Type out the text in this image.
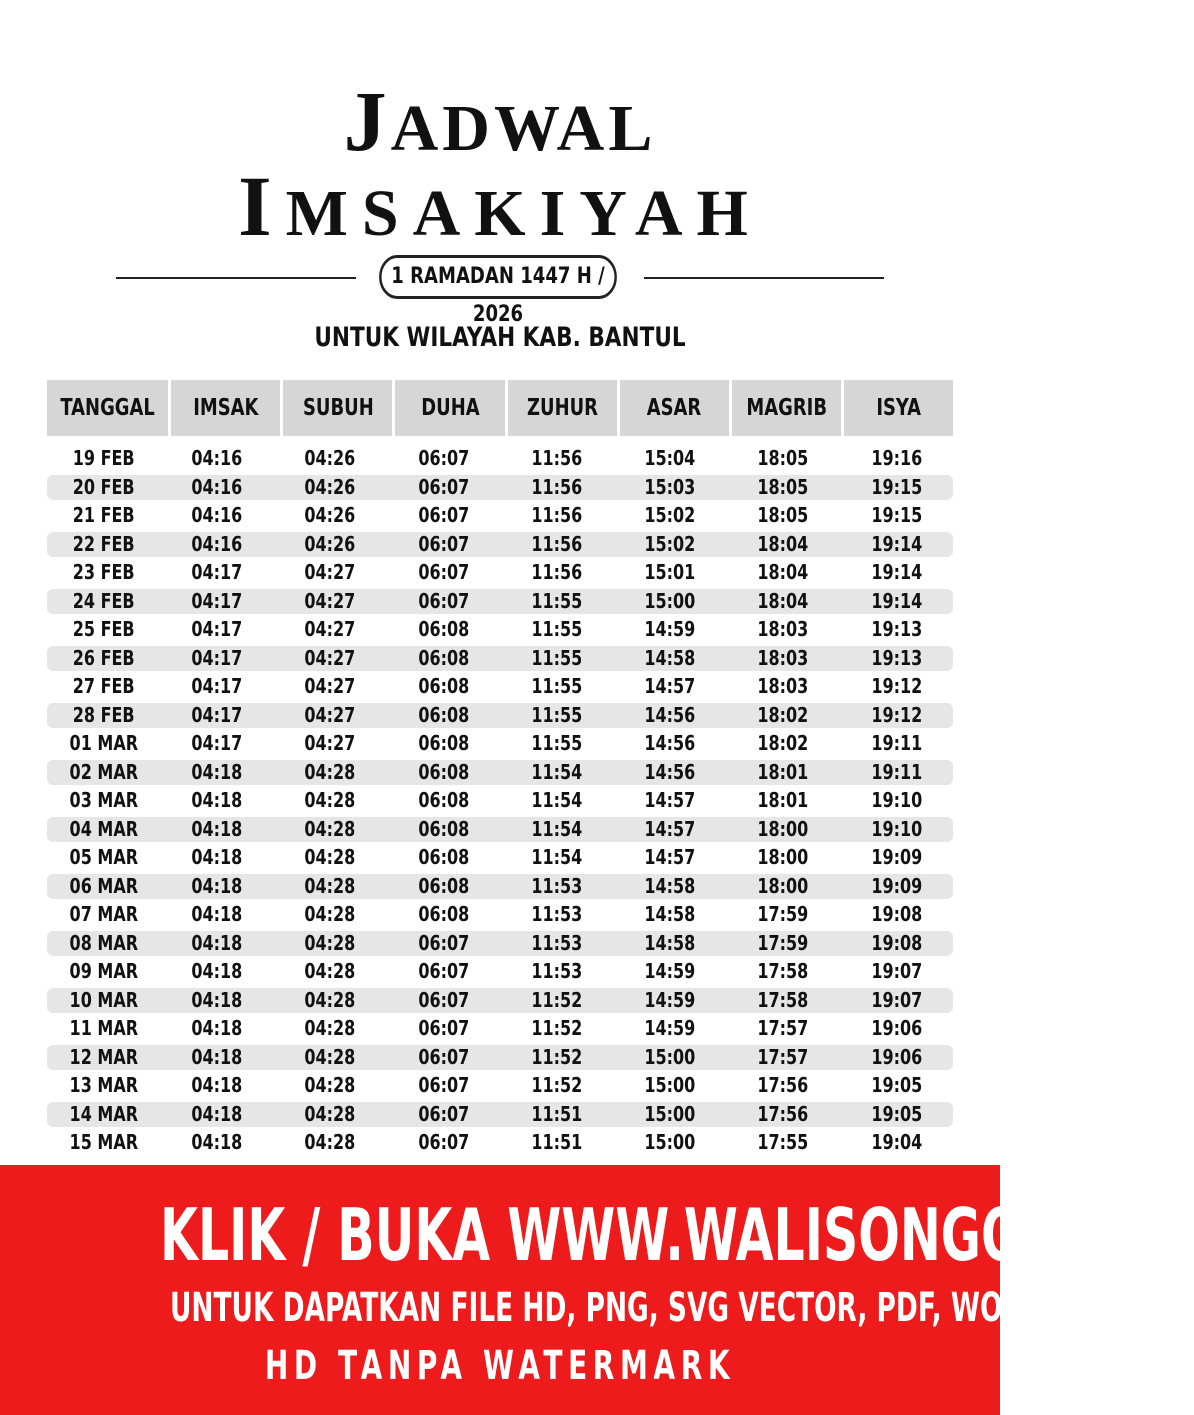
JADWAL
IMSAKIYAH
1 RAMADAN 1447 H / 2026
UNTUK WILAYAH KAB. BANTUL
TANGGAL IMSAK SUBUH DUHA ZUHUR ASAR MAGRIB ISYA
19 FEB	04:16	04:26	06:07	11:56	15:04	18:05	19:16
20 FEB	04:16	04:26	06:07	11:56	15:03	18:05	19:15
21 FEB	04:16	04:26	06:07	11:56	15:02	18:05	19:15
22 FEB	04:16	04:26	06:07	11:56	15:02	18:04	19:14
23 FEB	04:17	04:27	06:07	11:56	15:01	18:04	19:14
24 FEB	04:17	04:27	06:07	11:55	15:00	18:04	19:14
25 FEB	04:17	04:27	06:08	11:55	14:59	18:03	19:13
26 FEB	04:17	04:27	06:08	11:55	14:58	18:03	19:13
27 FEB	04:17	04:27	06:08	11:55	14:57	18:03	19:12
28 FEB	04:17	04:27	06:08	11:55	14:56	18:02	19:12
01 MAR	04:17	04:27	06:08	11:55	14:56	18:02	19:11
02 MAR	04:18	04:28	06:08	11:54	14:56	18:01	19:11
03 MAR	04:18	04:28	06:08	11:54	14:57	18:01	19:10
04 MAR	04:18	04:28	06:08	11:54	14:57	18:00	19:10
05 MAR	04:18	04:28	06:08	11:54	14:57	18:00	19:09
06 MAR	04:18	04:28	06:08	11:53	14:58	18:00	19:09
07 MAR	04:18	04:28	06:08	11:53	14:58	17:59	19:08
08 MAR	04:18	04:28	06:07	11:53	14:58	17:59	19:08
09 MAR	04:18	04:28	06:07	11:53	14:59	17:58	19:07
10 MAR	04:18	04:28	06:07	11:52	14:59	17:58	19:07
11 MAR	04:18	04:28	06:07	11:52	14:59	17:57	19:06
12 MAR	04:18	04:28	06:07	11:52	15:00	17:57	19:06
13 MAR	04:18	04:28	06:07	11:52	15:00	17:56	19:05
14 MAR	04:18	04:28	06:07	11:51	15:00	17:56	19:05
15 MAR	04:18	04:28	06:07	11:51	15:00	17:55	19:04
KLIK / BUKA WWW.WALISONGO.CO.ID
UNTUK DAPATKAN FILE HD, PNG, SVG VECTOR, PDF, WORD, EXCEL
HD TANPA WATERMARK
